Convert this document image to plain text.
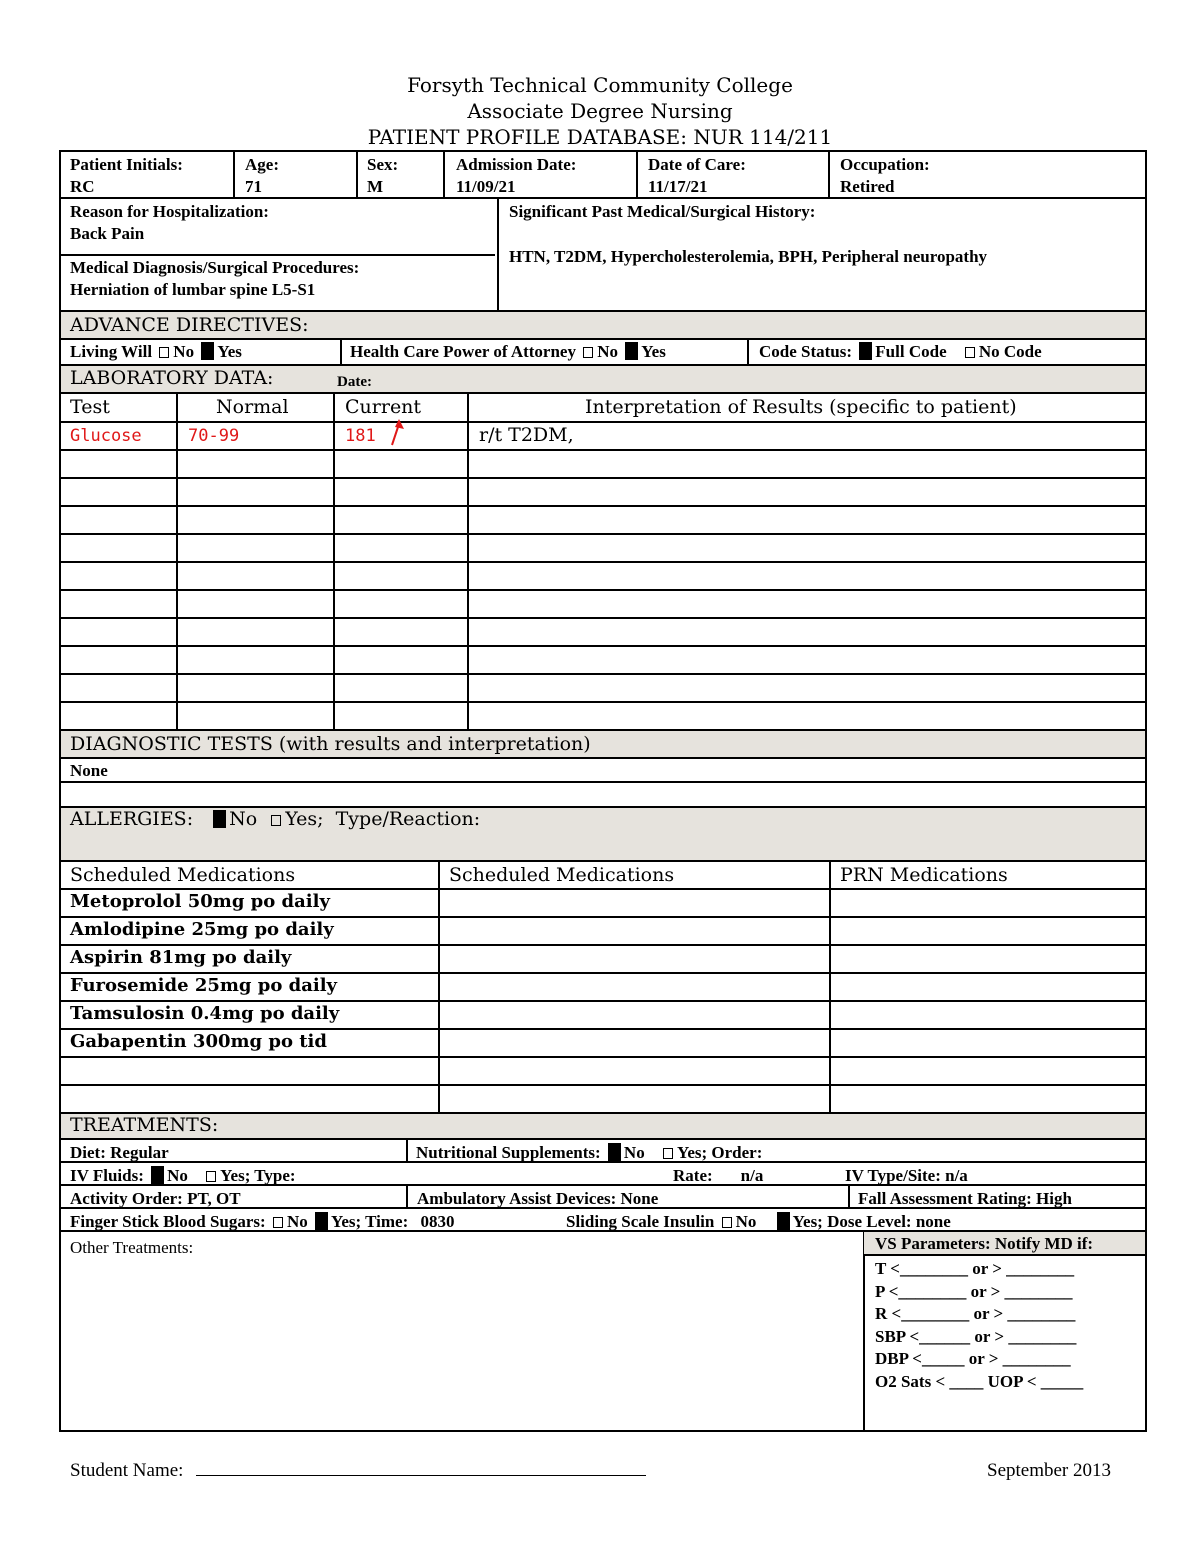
Forsyth Technical Community College
Associate Degree Nursing
PATIENT PROFILE DATABASE: NUR 114/211
Patient Initials:
RC
Age:
71
Sex:
M
Admission Date:
11/09/21
Date of Care:
11/17/21
Occupation:
Retired
Reason for Hospitalization:
Back Pain
Medical Diagnosis/Surgical Procedures:
Herniation of lumbar spine L5-S1
Significant Past Medical/Surgical History:
HTN, T2DM, Hypercholesterolemia, BPH, Peripheral neuropathy
ADVANCE DIRECTIVES:
Living Will No Yes	Health Care Power of Attorney No Yes	Code Status: Full Code No Code
LABORATORY DATA:	Date:
Test	Normal	Current	Interpretation of Results (specific to patient)
Glucose	70-99	181	r/t T2DM,
DIAGNOSTIC TESTS (with results and interpretation)
None
ALLERGIES: No Yes; Type/Reaction:
Scheduled Medications	Scheduled Medications	PRN Medications
Metoprolol 50mg po daily
Amlodipine 25mg po daily
Aspirin 81mg po daily
Furosemide 25mg po daily
Tamsulosin 0.4mg po daily
Gabapentin 300mg po tid
TREATMENTS:
Diet: Regular	Nutritional Supplements: No Yes; Order:
IV Fluids: No Yes; Type:	Rate: n/a	IV Type/Site: n/a
Activity Order: PT, OT	Ambulatory Assist Devices: None	Fall Assessment Rating: High
Finger Stick Blood Sugars: No Yes; Time: 0830	Sliding Scale Insulin No Yes; Dose Level: none
Other Treatments:	VS Parameters: Notify MD if:
T <________ or > ________
P <________ or > ________
R <________ or > ________
SBP <______ or > ________
DBP <_____ or > ________
O2 Sats < ____ UOP < _____
Student Name:	September 2013
